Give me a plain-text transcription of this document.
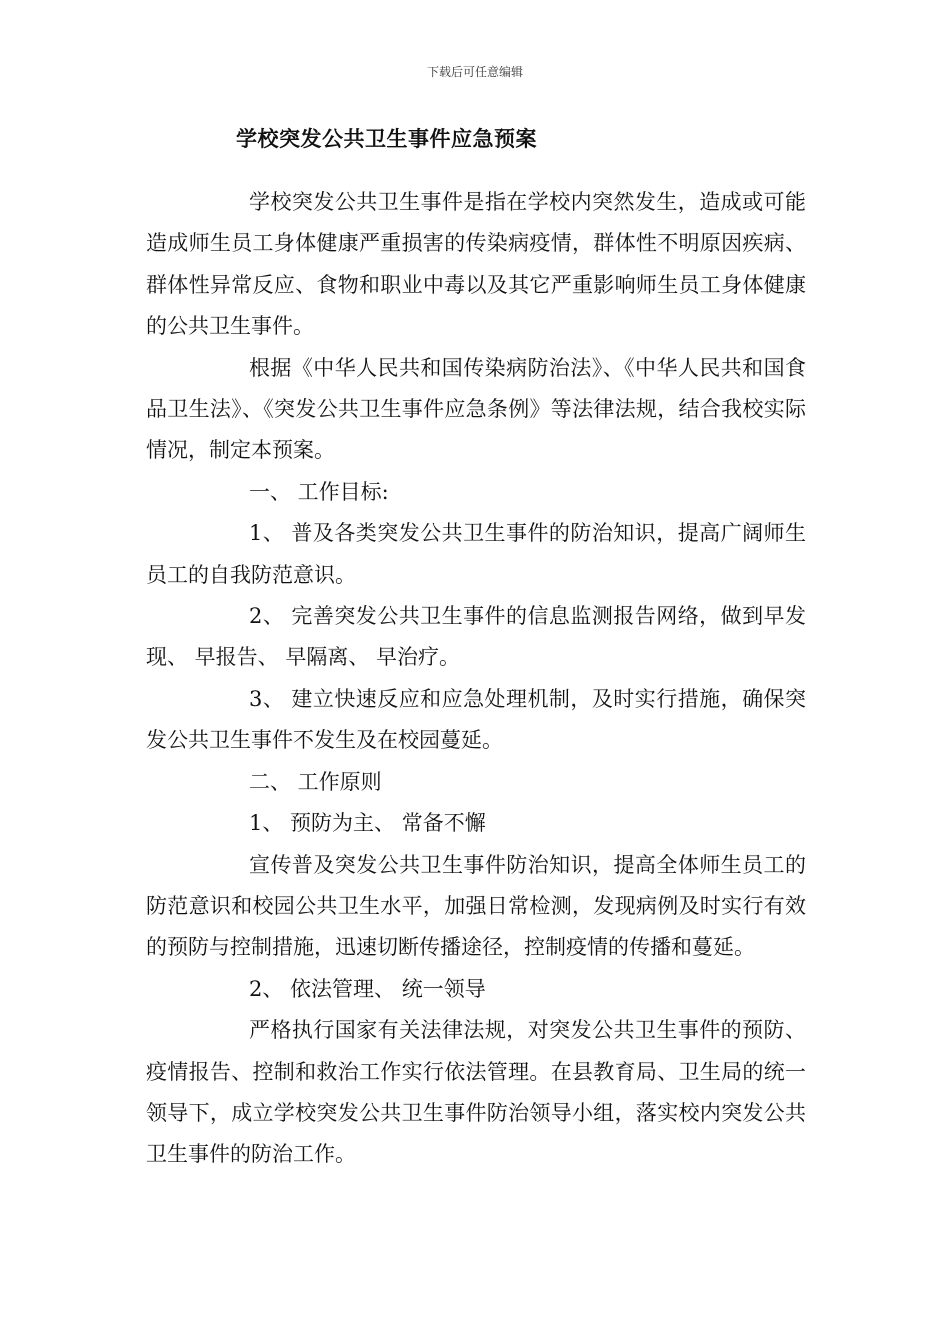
下载后可任意编辑
学校突发公共卫生事件应急预案

学校突发公共卫生事件是指在学校内突然发生，造成或可能造成师生员工身体健康严重损害的传染病疫情，群体性不明原因疾病、群体性异常反应、食物和职业中毒以及其它严重影响师生员工身体健康的公共卫生事件。

根据《中华人民共和国传染病防治法》、《中华人民共和国食品卫生法》、《突发公共卫生事件应急条例》等法律法规，结合我校实际情况，制定本预案。

一、 工作目标:

1、 普及各类突发公共卫生事件的防治知识，提高广阔师生员工的自我防范意识。

2、 完善突发公共卫生事件的信息监测报告网络，做到早发现、 早报告、 早隔离、 早治疗。

3、 建立快速反应和应急处理机制，及时实行措施，确保突发公共卫生事件不发生及在校园蔓延。

二、 工作原则

1、 预防为主、 常备不懈

宣传普及突发公共卫生事件防治知识，提高全体师生员工的防范意识和校园公共卫生水平，加强日常检测，发现病例及时实行有效的预防与控制措施，迅速切断传播途径，控制疫情的传播和蔓延。

2、 依法管理、 统一领导

严格执行国家有关法律法规，对突发公共卫生事件的预防、疫情报告、控制和救治工作实行依法管理。在县教育局、卫生局的统一领导下，成立学校突发公共卫生事件防治领导小组，落实校内突发公共卫生事件的防治工作。
